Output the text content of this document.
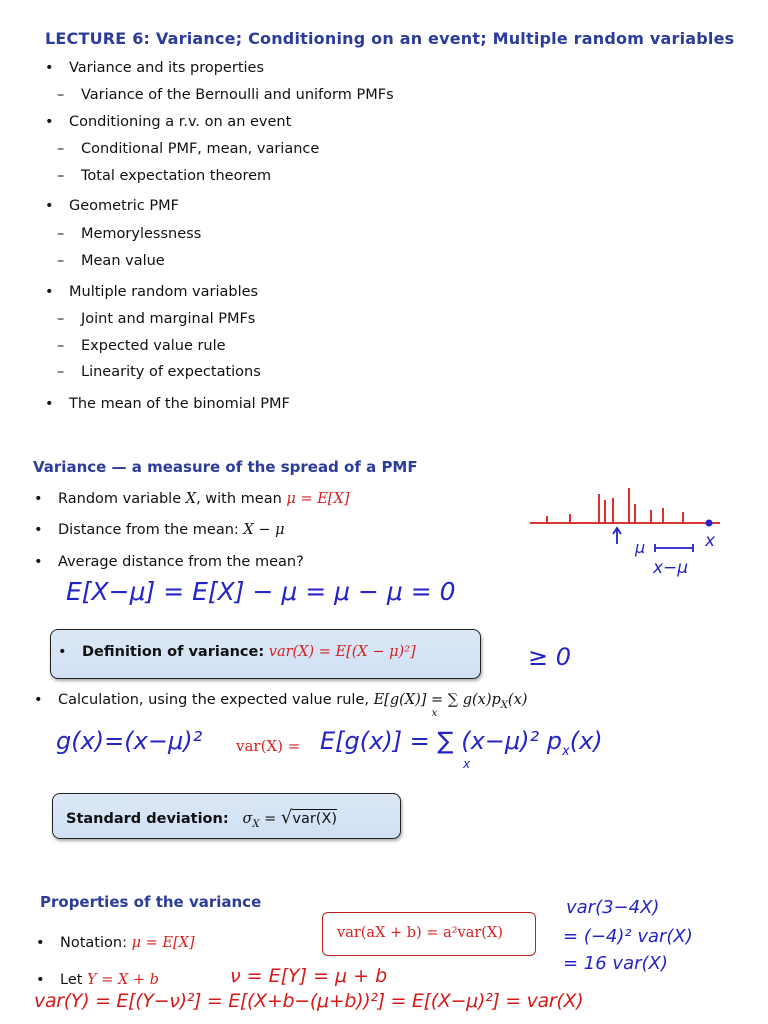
LECTURE 6: Variance; Conditioning on an event; Multiple random variables
• Variance and its properties
– Variance of the Bernoulli and uniform PMFs
• Conditioning a r.v. on an event
– Conditional PMF, mean, variance
– Total expectation theorem
• Geometric PMF
– Memorylessness
– Mean value
• Multiple random variables
– Joint and marginal PMFs
– Expected value rule
– Linearity of expectations
• The mean of the binomial PMF
Variance — a measure of the spread of a PMF
• Random variable X, with mean μ = E[X]
• Distance from the mean: X − μ
• Average distance from the mean?
E[X−μ] = E[X] − μ = μ − μ = 0
μ	x
x−μ
• Definition of variance: var(X) = E[(X − μ)²]	≥ 0
• Calculation, using the expected value rule, E[g(X)] = ∑ $g(x)p_X(x)$
x
g(x)=(x−μ)² var(X) = E[g(x)] = ∑ (x−μ)² $p_x(x)$
x
Standard deviation: $\sigma_X = √var(X)$
Properties of the variance
• Notation: μ = E[X]
var(aX + b) = a²var(X)
var(3−4X)
= (−4)² var(X)
= 16 var(X)
• Let Y = X + b	ν = E[Y] = μ + b
var(Y) = E[(Y−ν)²] = E[(X+b−(μ+b))²] = E[(X−μ)²] = var(X)
